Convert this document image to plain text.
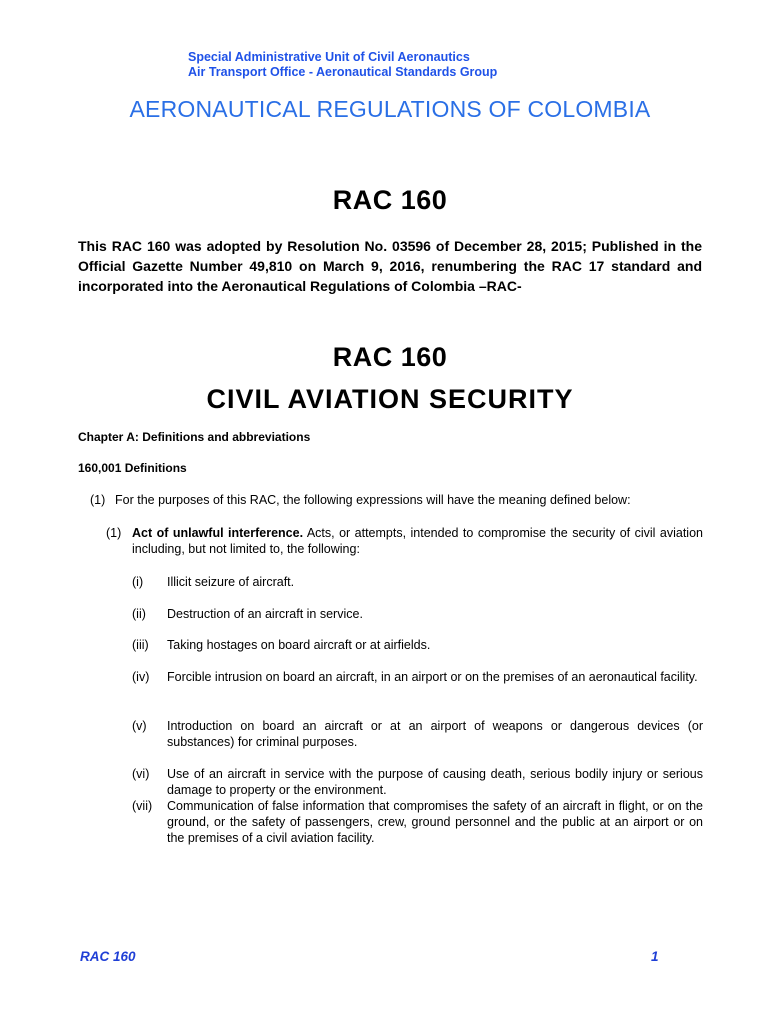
Special Administrative Unit of Civil Aeronautics
Air Transport Office - Aeronautical Standards Group
AERONAUTICAL REGULATIONS OF COLOMBIA
RAC 160
This RAC 160 was adopted by Resolution No. 03596 of December 28, 2015; Published in the Official Gazette Number 49,810 on March 9, 2016, renumbering the RAC 17 standard and incorporated into the Aeronautical Regulations of Colombia –RAC-
RAC 160
CIVIL AVIATION SECURITY
Chapter A: Definitions and abbreviations
160,001 Definitions
(1) For the purposes of this RAC, the following expressions will have the meaning defined below:
(1) Act of unlawful interference. Acts, or attempts, intended to compromise the security of civil aviation including, but not limited to, the following:
(i) Illicit seizure of aircraft.
(ii) Destruction of an aircraft in service.
(iii) Taking hostages on board aircraft or at airfields.
(iv) Forcible intrusion on board an aircraft, in an airport or on the premises of an aeronautical facility.
(v) Introduction on board an aircraft or at an airport of weapons or dangerous devices (or substances) for criminal purposes.
(vi) Use of an aircraft in service with the purpose of causing death, serious bodily injury or serious damage to property or the environment.
(vii) Communication of false information that compromises the safety of an aircraft in flight, or on the ground, or the safety of passengers, crew, ground personnel and the public at an airport or on the premises of a civil aviation facility.
RAC 160	1
